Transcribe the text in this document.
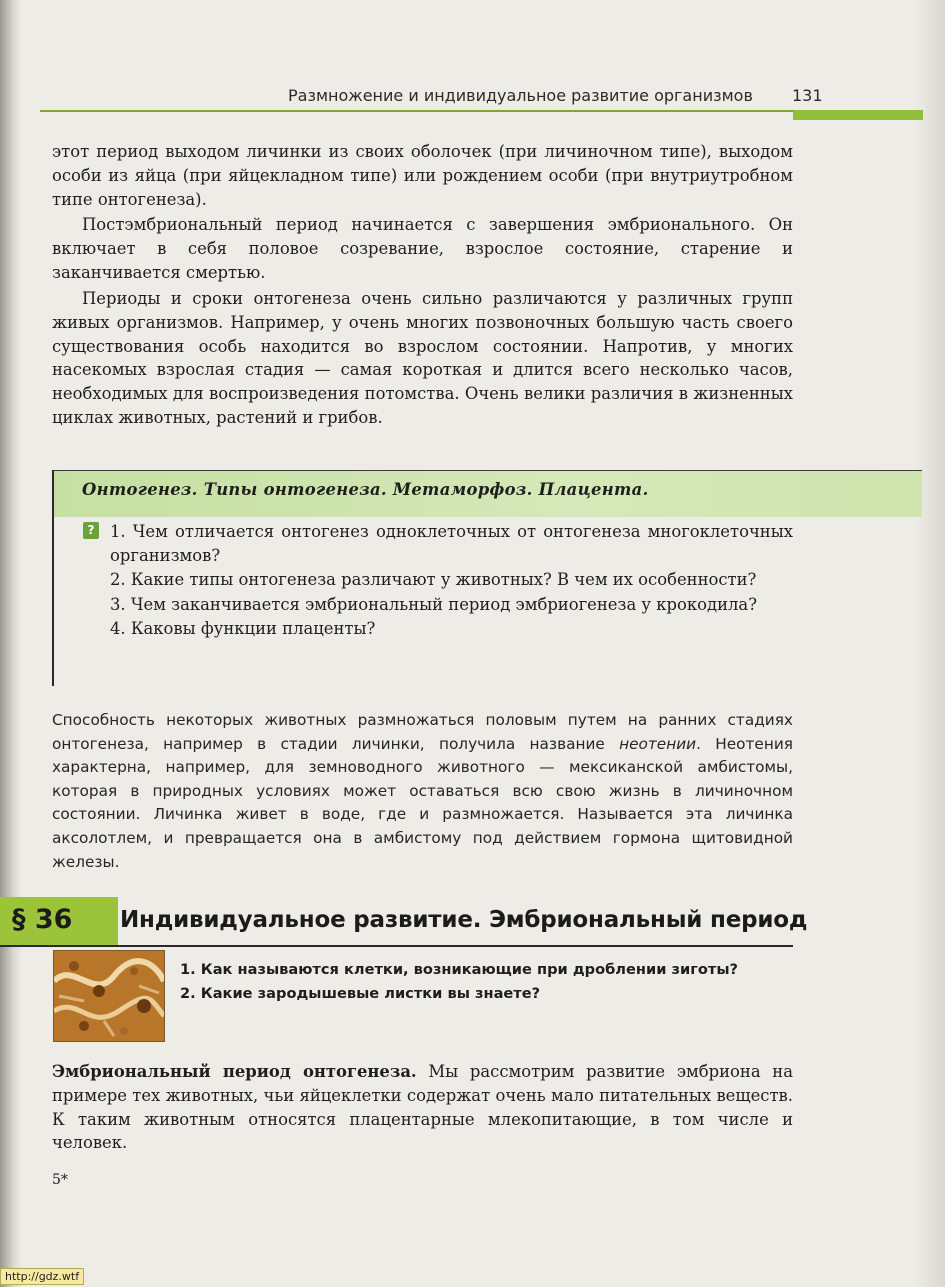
Размножение и индивидуальное развитие организмов	131

этот период выходом личинки из своих оболочек (при личиночном типе), выходом особи из яйца (при яйцекладном типе) или рождением особи (при внутриутробном типе онтогенеза).

Постэмбриональный период начинается с завершения эмбрионального. Он включает в себя половое созревание, взрослое состояние, старение и заканчивается смертью.

Периоды и сроки онтогенеза очень сильно различаются у различных групп живых организмов. Например, у очень многих позвоночных большую часть своего существования особь находится во взрослом состоянии. Напротив, у многих насекомых взрослая стадия — самая короткая и длится всего несколько часов, необходимых для воспроизведения потомства. Очень велики различия в жизненных циклах животных, растений и грибов.

Онтогенез. Типы онтогенеза. Метаморфоз. Плацента.
? 1. Чем отличается онтогенез одноклеточных от онтогенеза многоклеточных организмов?
2. Какие типы онтогенеза различают у животных? В чем их особенности?
3. Чем заканчивается эмбриональный период эмбриогенеза у крокодила?
4. Каковы функции плаценты?

Способность некоторых животных размножаться половым путем на ранних стадиях онтогенеза, например в стадии личинки, получила название неотении. Неотения характерна, например, для земноводного животного — мексиканской амбистомы, которая в природных условиях может оставаться всю свою жизнь в личиночном состоянии. Личинка живет в воде, где и размножается. Называется эта личинка аксолотлем, и превращается она в амбистому под действием гормона щитовидной железы.

§ 36 Индивидуальное развитие. Эмбриональный период
1. Как называются клетки, возникающие при дроблении зиготы?
2. Какие зародышевые листки вы знаете?

Эмбриональный период онтогенеза. Мы рассмотрим развитие эмбриона на примере тех животных, чьи яйцеклетки содержат очень мало питательных веществ. К таким животным относятся плацентарные млекопитающие, в том числе и человек.

5*
http://gdz.wtf
